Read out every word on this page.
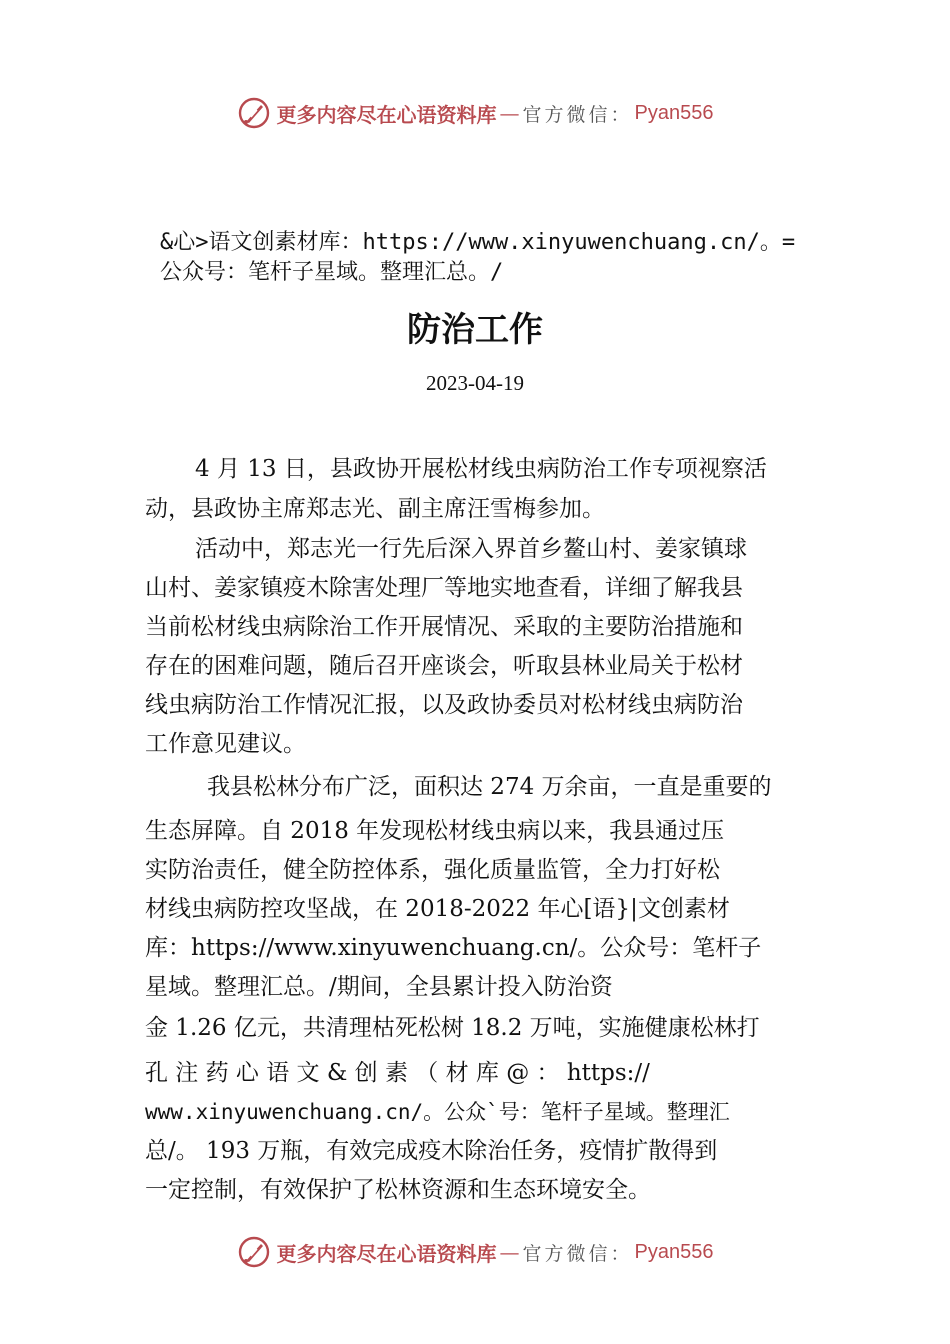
更多内容尽在心语资料库 — 官方微信： Pyan556
&心>语文创素材库：https://www.xinyuwenchuang.cn/。=
公众号：笔杆子星域。整理汇总。/
防治工作
2023-04-19
4 月 13 日，县政协开展松材线虫病防治工作专项视察活
动，县政协主席郑志光、副主席汪雪梅参加。
活动中，郑志光一行先后深入界首乡鳌山村、姜家镇球
山村、姜家镇疫木除害处理厂等地实地查看，详细了解我县
当前松材线虫病除治工作开展情况、采取的主要防治措施和
存在的困难问题，随后召开座谈会，听取县林业局关于松材
线虫病防治工作情况汇报，以及政协委员对松材线虫病防治
工作意见建议。
我县松林分布广泛，面积达 274 万余亩，一直是重要的
生态屏障。自 2018 年发现松材线虫病以来，我县通过压
实防治责任，健全防控体系，强化质量监管，全力打好松
材线虫病防控攻坚战，在 2018-2022 年心[语}|文创素材
库：https://www.xinyuwenchuang.cn/。公众号：笔杆子
星域。整理汇总。/期间，全县累计投入防治资
金 1.26 亿元，共清理枯死松树 18.2 万吨，实施健康松林打
孔 注 药 心 语 文 & 创 素 （ 材 库 @ ： https://
www.xinyuwenchuang.cn/。公众`号：笔杆子星域。整理汇
总/。 193 万瓶，有效完成疫木除治任务，疫情扩散得到
一定控制，有效保护了松林资源和生态环境安全。
更多内容尽在心语资料库 — 官方微信： Pyan556
